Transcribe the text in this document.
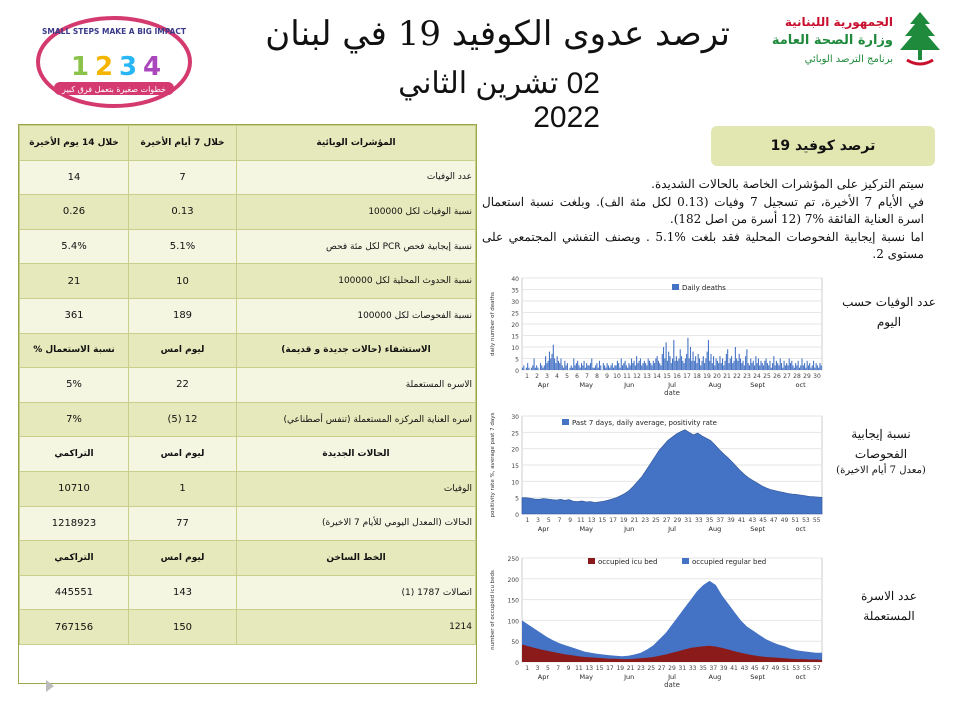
SMALL STEPS MAKE A BIG IMPACT
1 2 3 4
خطوات صغيرة بتعمل فرق كبير
الجمهورية اللبنانية
وزارة الصحة العامة
برنامج الترصد الوبائي
ترصد عدوى الكوفيد 19 في لبنان
02 تشرين الثاني 2022
خلال 14 يوم الأخيرة	خلال 7 أيام الأخيرة	المؤشرات الوبائية
14	7	عدد الوفيات
0.26	0.13	نسبة الوفيات لكل 100000
5.4%	5.1%	نسبة إيجابية فحص PCR لكل مئة فحص
21	10	نسبة الحدوث المحلية لكل 100000
361	189	نسبة الفحوصات لكل 100000
% نسبة الاستعمال	ليوم امس	الاستشفاء (حالات جديدة و قديمة)
5%	22	الاسره المستعملة
7%	(5) 12	اسره العناية المركزه المستعملة (تنفس أصطناعي)
التراكمي	ليوم امس	الحالات الجديدة
10710	1	الوفيات
1218923	77	الحالات (المعدل اليومي للأيام 7 الاخيرة)
التراكمي	ليوم امس	الخط الساخن
445551	143	اتصالات 1787 (1)
767156	150	1214
ترصد كوفيد 19

سيتم التركيز على المؤشرات الخاصة بالحالات الشديدة.

في الأيام 7 الأخيرة، تم تسجيل 7 وفيات (0.13 لكل مئة الف). وبلغت نسبة استعمال اسرة العناية الفائقة %7 (12 أسرة من اصل 182).

اما نسبة إيجابية الفحوصات المحلية فقد بلغت %5.1 . ويصنف التفشي المجتمعي على مستوى 2.

عدد الوفيات حسب اليوم
نسبة إيجابية الفحوصات
(معدل 7 أيام الاخيرة)
عدد الاسرة المستعملة
0
5
10
15
20
25
30
35
40
1 2 3 4 5 6 7 8 9 10 11 12 13 14 15 16 17 18 19 20 21 22 23 24 25 26 27 28 29 30
Apr	May	Jun	Jul	Aug	Sept	oct
daily number of deaths
date
Daily deaths
0
5
10
15
20
25
30
1 3 5 7 9 11 13 15 17 19 21 23 25 27 29 31 33 35 37 39 41 43 45 47 49 51 53 55
Apr	May	Jun	Jul	Aug	Sept	oct
positivity rate %, average past 7 days	Past 7 days, daily average, positivity rate
0
50
100
150
200
250
1 3 5 7 9 11 13 15 17 19 21 23 25 27 29 31 33 35 37 39 41 43 45 47 49 51 53 55 57
Apr	May	Jun	Jul	Aug	Sept	oct
number of occupied icu beds
date
occupied icu bed	occupied regular bed
